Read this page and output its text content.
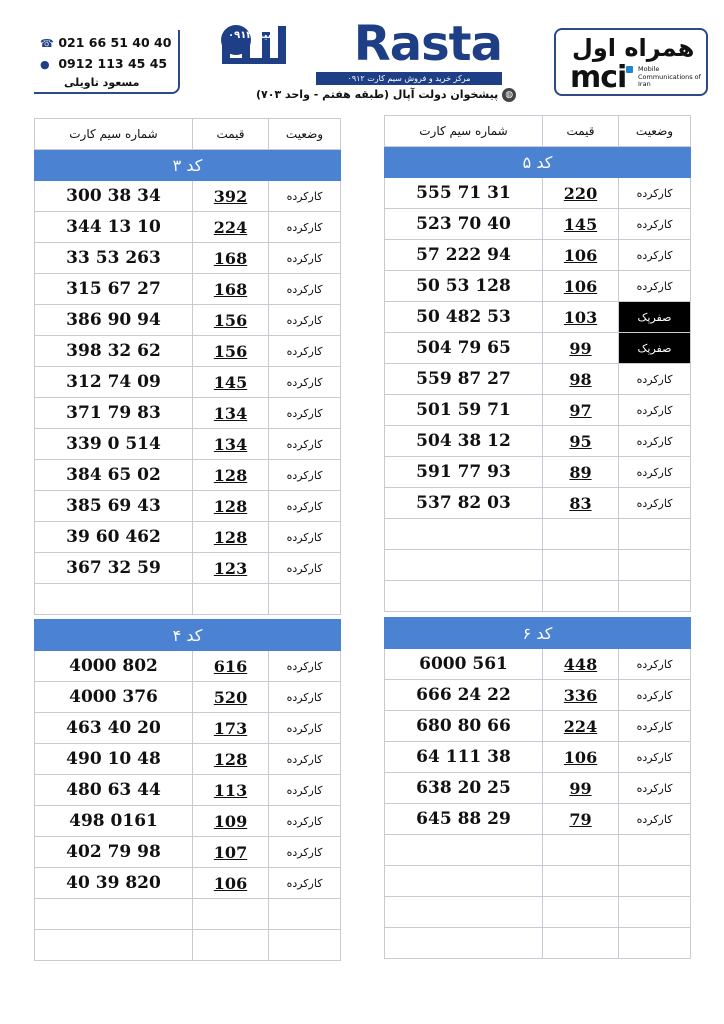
☎ 021 66 51 40 40
● 0912 113 45 45
مسعود تاویلی
سیم ۰۹۱۲ Rasta
مرکز خرید و فروش سیم کارت ۰۹۱۲
◍پیشخوان دولت آپال (طبقه هفتم - واحد ۷۰۳)
همراه اول
mci Mobile Communications of Iran
شماره سیم کارت	قیمت	وضعیت
کد ۳		
300 38 34	392	کارکرده
344 13 10	224	کارکرده
33 53 263	168	کارکرده
315 67 27	168	کارکرده
386 90 94	156	کارکرده
398 32 62	156	کارکرده
312 74 09	145	کارکرده
371 79 83	134	کارکرده
339 0 514	134	کارکرده
384 65 02	128	کارکرده
385 69 43	128	کارکرده
39 60 462	128	کارکرده
367 32 59	123	کارکرده

شماره سیم کارت	قیمت	وضعیت
کد ۵		
555 71 31	220	کارکرده
523 70 40	145	کارکرده
57 222 94	106	کارکرده
50 53 128	106	کارکرده
50 482 53	103	صفرپک
504 79 65	99	صفرپک
559 87 27	98	کارکرده
501 59 71	97	کارکرده
504 38 12	95	کارکرده
591 77 93	89	کارکرده
537 82 03	83	کارکرده

کد ۴		
4000 802	616	کارکرده
4000 376	520	کارکرده
463 40 20	173	کارکرده
490 10 48	128	کارکرده
480 63 44	113	کارکرده
498 0161	109	کارکرده
402 79 98	107	کارکرده
40 39 820	106	کارکرده

کد ۶		
6000 561	448	کارکرده
666 24 22	336	کارکرده
680 80 66	224	کارکرده
64 111 38	106	کارکرده
638 20 25	99	کارکرده
645 88 29	79	کارکرده
